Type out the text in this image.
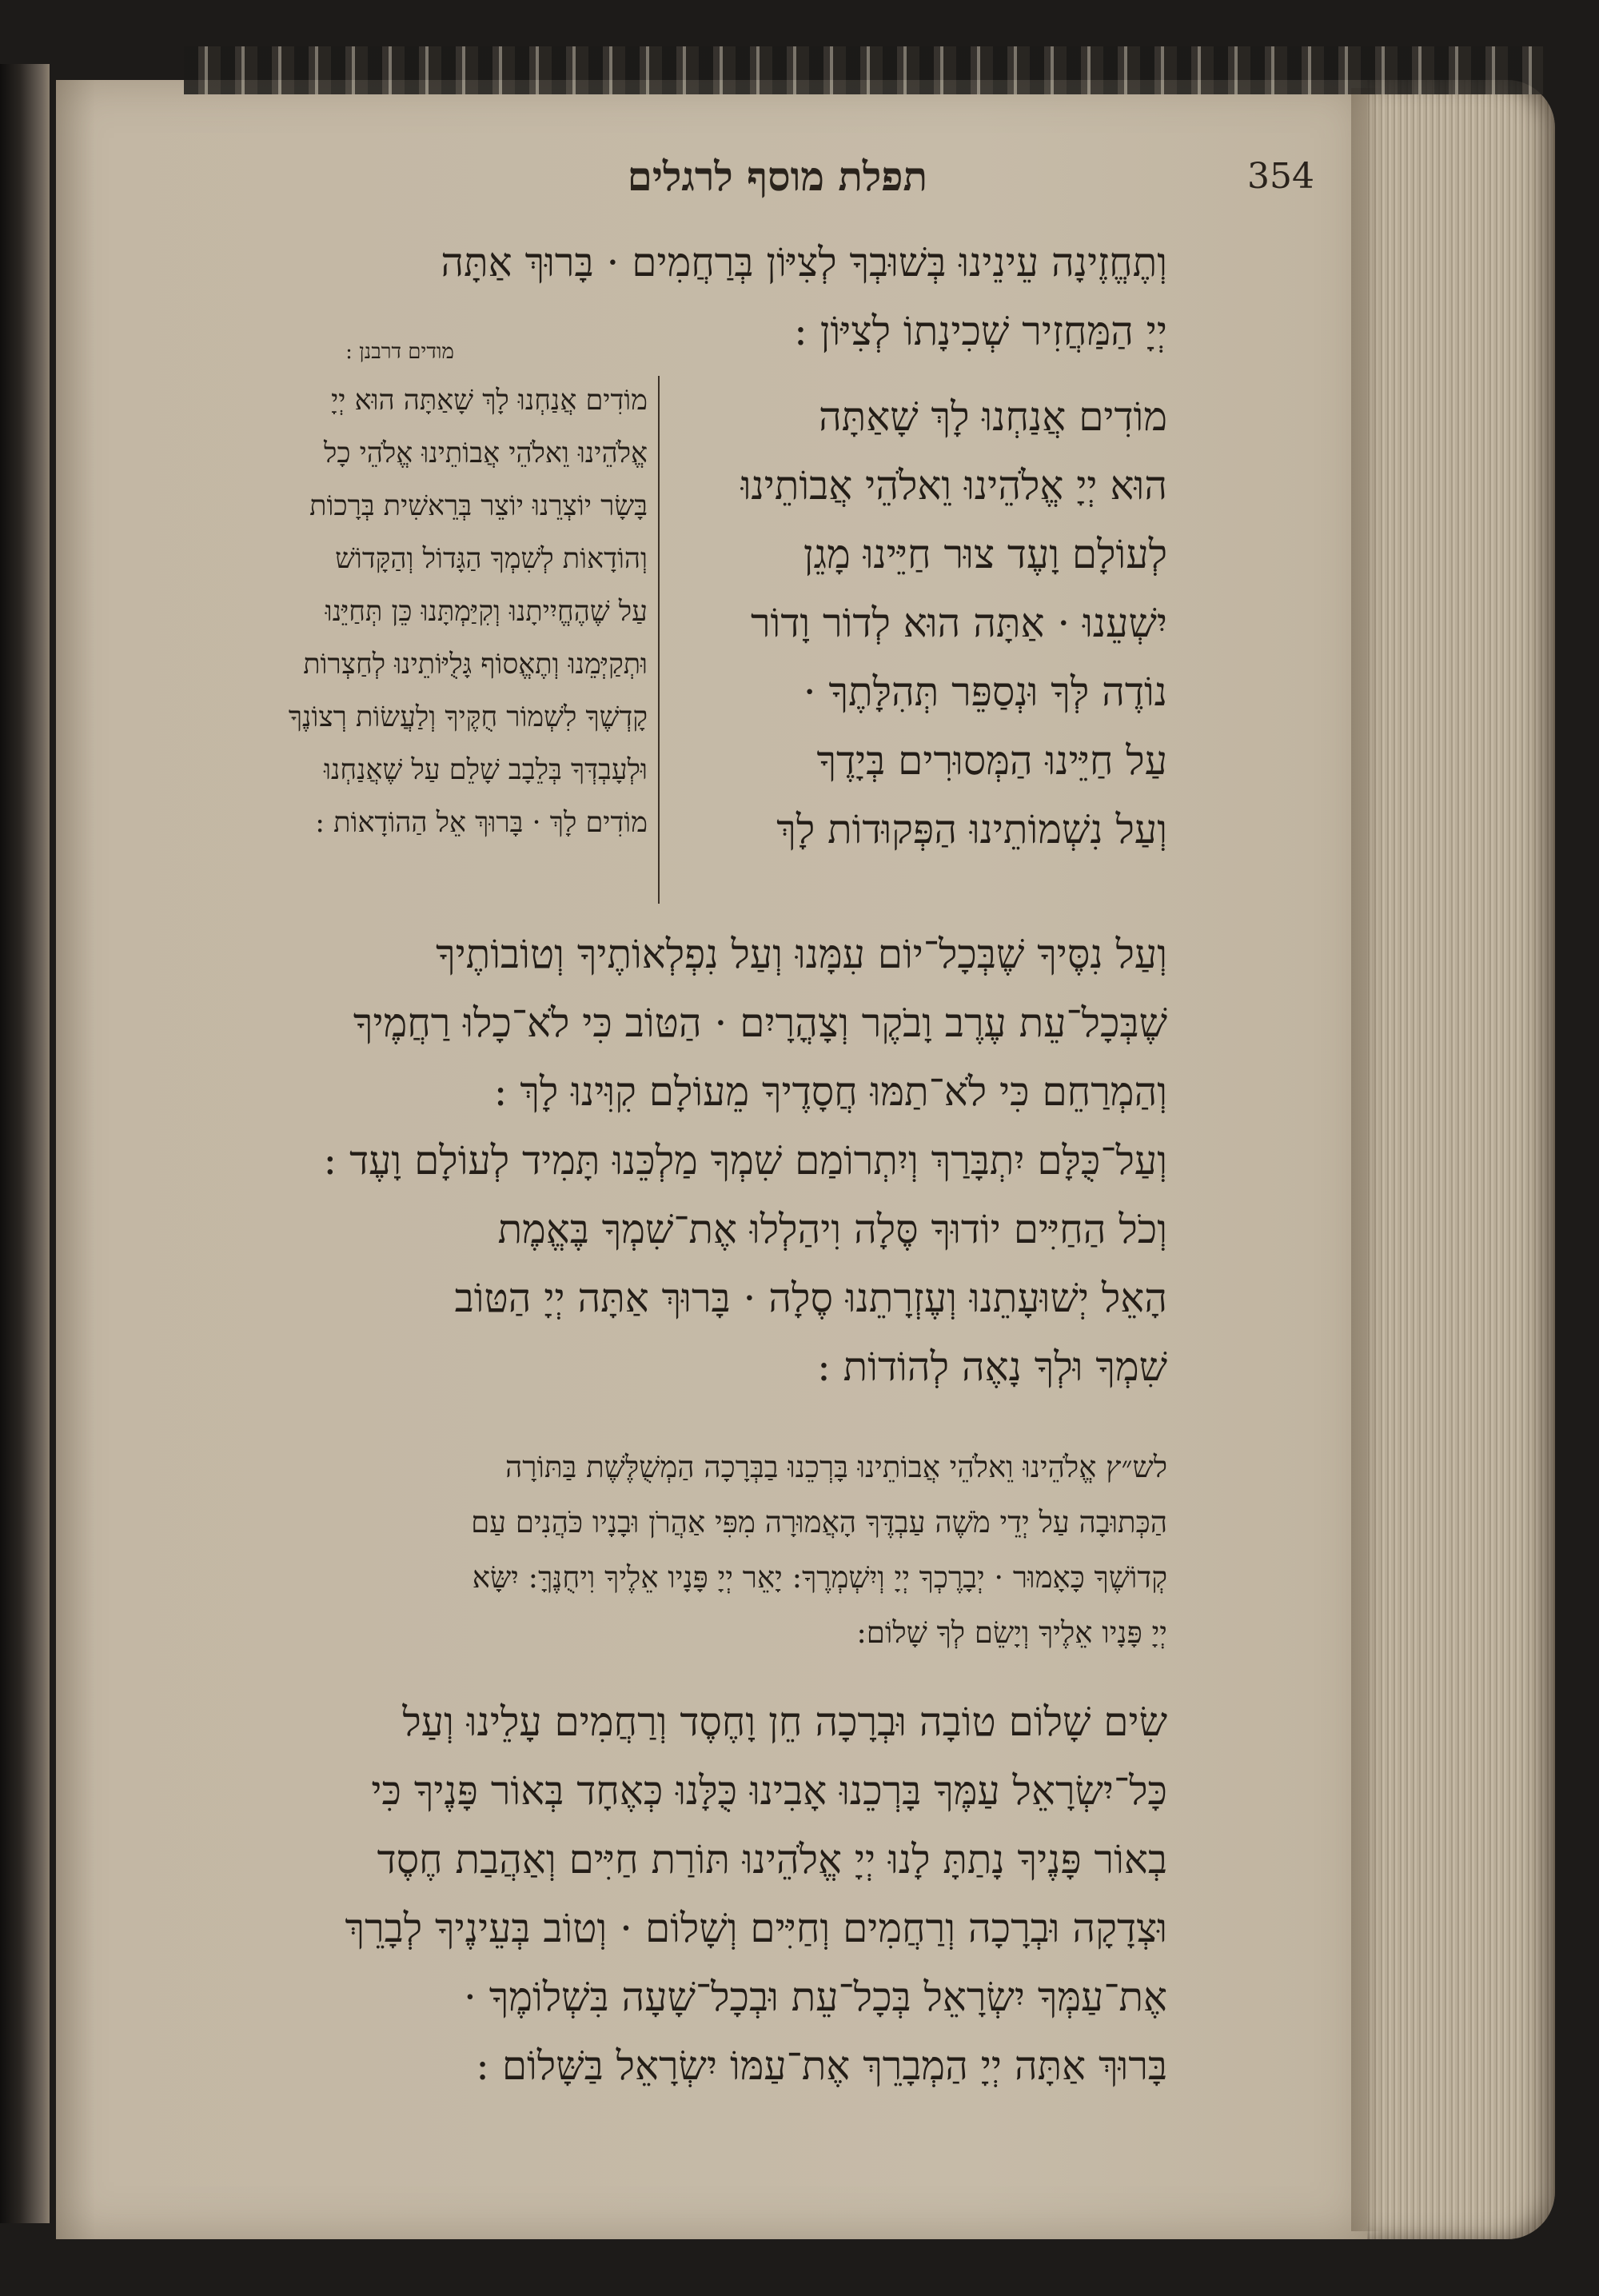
354
תפלת מוסף לרגלים
וְתֶחֱזֶינָה עֵינֵינוּ בְּשׁוּבְךָ לְצִיּוֹן בְּרַחֲמִים · בָּרוּךְ אַתָּה
יְיָ הַמַּחֲזִיר שְׁכִינָתוֹ לְצִיּוֹן :
מוֹדִים אֲנַחְנוּ לָךְ שָׁאַתָּה
הוּא יְיָ אֱלֹהֵינוּ וֵאלֹהֵי אֲבוֹתֵינוּ
לְעוֹלָם וָעֶד צוּר חַיֵּינוּ מָגֵן
יִשְׁעֵנוּ · אַתָּה הוּא לְדוֹר וָדוֹר
נוֹדֶה לְּךָ וּנְסַפֵּר תְּהִלָּתֶךָ ·
עַל חַיֵּינוּ הַמְּסוּרִים בְּיָדֶךָ
וְעַל נִשְׁמוֹתֵינוּ הַפְּקוּדוֹת לָךְ
מודים דרבנן :
מוֹדִים אֲנַחְנוּ לָךְ שָׁאַתָּה הוּא יְיָ
אֱלֹהֵינוּ וֵאלֹהֵי אֲבוֹתֵינוּ אֱלֹהֵי כָל
בָּשָׂר יוֹצְרֵנוּ יוֹצֵר בְּרֵאשִׁית בְּרָכוֹת
וְהוֹדָאוֹת לְשִׁמְךָ הַגָּדוֹל וְהַקָּדוֹשׁ
עַל שֶׁהֶחֱיִיתָנוּ וְקִיַּמְתָּנוּ כֵּן תְּחַיֵּנוּ
וּתְקַיְּמֵנוּ וְתֶאֱסוֹף גָּלֻיּוֹתֵינוּ לְחַצְרוֹת
קָדְשֶׁךָ לִשְׁמוֹר חֻקֶּיךָ וְלַעֲשׂוֹת רְצוֹנֶךָ
וּלְעָבְדְּךָ בְּלֵבָב שָׁלֵם עַל שֶׁאֲנַחְנוּ
מוֹדִים לָךְ · בָּרוּךְ אֵל הַהוֹדָאוֹת :
וְעַל נִסֶּיךָ שֶׁבְּכָל־יוֹם עִמָּנוּ וְעַל נִפְלְאוֹתֶיךָ וְטוֹבוֹתֶיךָ
שֶׁבְּכָל־עֵת עֶרֶב וָבֹקֶר וְצָהֳרָיִם · הַטּוֹב כִּי לֹא־כָלוּ רַחֲמֶיךָ
וְהַמְרַחֵם כִּי לֹא־תַמּוּ חֲסָדֶיךָ מֵעוֹלָם קִוִּינוּ לָךְ :
וְעַל־כֻּלָּם יִתְבָּרַךְ וְיִתְרוֹמַם שִׁמְךָ מַלְכֵּנוּ תָּמִיד לְעוֹלָם וָעֶד :
וְכֹל הַחַיִּים יוֹדוּךָ סֶּלָה וִיהַלְלוּ אֶת־שִׁמְךָ בֶּאֱמֶת
הָאֵל יְשׁוּעָתֵנוּ וְעֶזְרָתֵנוּ סֶלָה · בָּרוּךְ אַתָּה יְיָ הַטּוֹב
שִׁמְךָ וּלְךָ נָאֶה לְהוֹדוֹת :
לש״ץ אֱלֹהֵינוּ וֵאלֹהֵי אֲבוֹתֵינוּ בָּרְכֵנוּ בַבְּרָכָה הַמְשֻׁלֶּשֶׁת בַּתּוֹרָה
הַכְּתוּבָה עַל יְדֵי מֹשֶׁה עַבְדֶּךָ הָאֲמוּרָה מִפִּי אַהֲרֹן וּבָנָיו כֹּהֲנִים עַם
קְדוֹשֶׁךָ כָּאָמוּר · יְבָרֶכְךָ יְיָ וְיִשְׁמְרֶךָ: יָאֵר יְיָ פָּנָיו אֵלֶיךָ וִיחֻנֶּךָּ: יִשָּׂא
יְיָ פָּנָיו אֵלֶיךָ וְיָשֵׂם לְךָ שָׁלוֹם:
שִׂים שָׁלוֹם טוֹבָה וּבְרָכָה חֵן וָחֶסֶד וְרַחֲמִים עָלֵינוּ וְעַל
כָּל־יִשְׂרָאֵל עַמֶּךָ בָּרְכֵנוּ אָבִינוּ כֻּלָּנוּ כְּאֶחָד בְּאוֹר פָּנֶיךָ כִּי
בְאוֹר פָּנֶיךָ נָתַתָּ לָנוּ יְיָ אֱלֹהֵינוּ תּוֹרַת חַיִּים וְאַהֲבַת חֶסֶד
וּצְדָקָה וּבְרָכָה וְרַחֲמִים וְחַיִּים וְשָׁלוֹם · וְטוֹב בְּעֵינֶיךָ לְבָרֵךְ
אֶת־עַמְּךָ יִשְׂרָאֵל בְּכָל־עֵת וּבְכָל־שָׁעָה בִּשְׁלוֹמֶךָ ·
בָּרוּךְ אַתָּה יְיָ הַמְבָרֵךְ אֶת־עַמּוֹ יִשְׂרָאֵל בַּשָּׁלוֹם :
